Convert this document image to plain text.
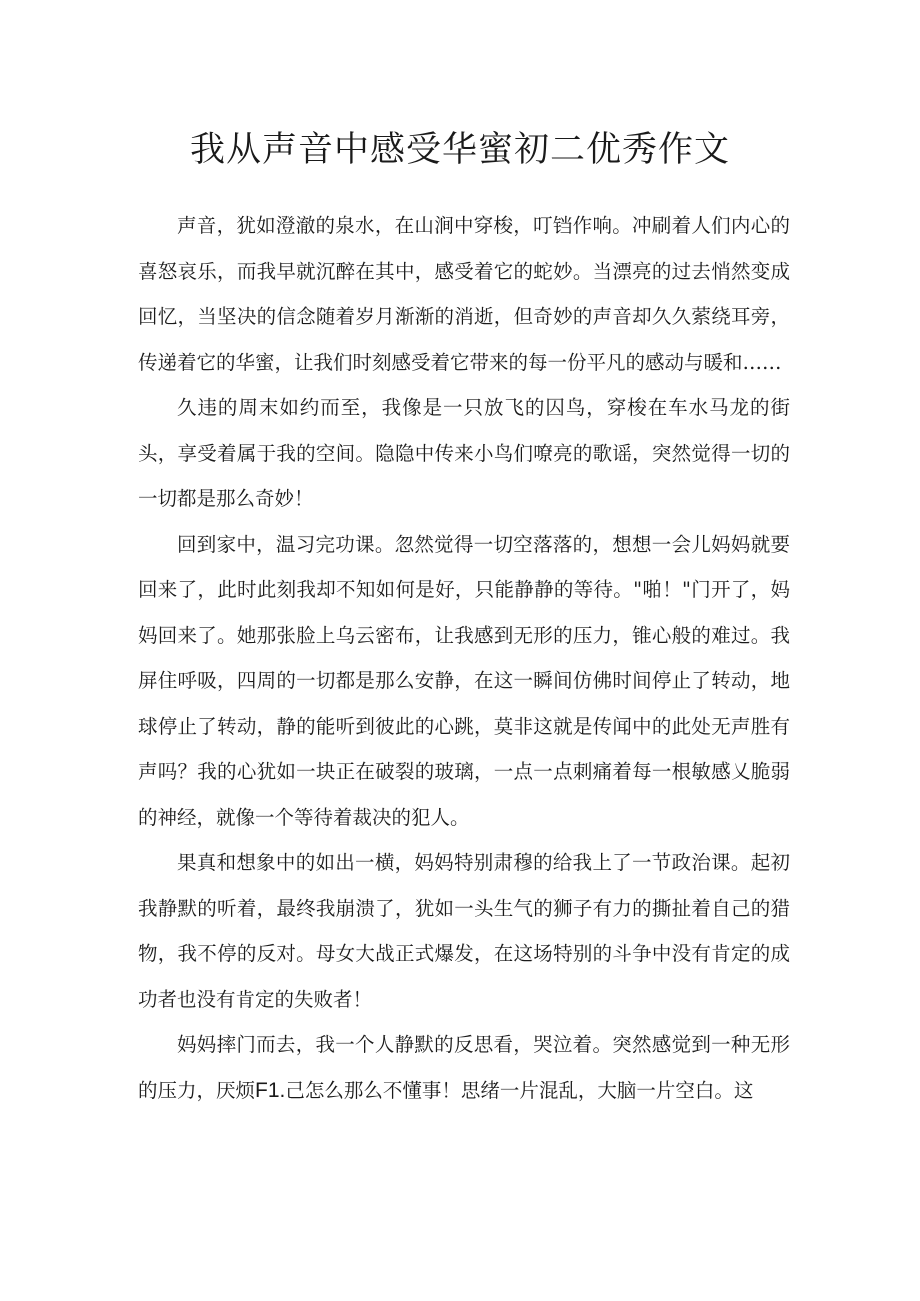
我从声音中感受华蜜初二优秀作文

声音，犹如澄澈的泉水，在山涧中穿梭，叮铛作响。冲刷着人们内心的喜怒哀乐，而我早就沉醉在其中，感受着它的蛇妙。当漂亮的过去悄然变成回忆，当坚决的信念随着岁月渐渐的消逝，但奇妙的声音却久久萦绕耳旁，传递着它的华蜜，让我们时刻感受着它带来的每一份平凡的感动与暖和……

久违的周末如约而至，我像是一只放飞的囚鸟，穿梭在车水马龙的街头，享受着属于我的空间。隐隐中传来小鸟们嘹亮的歌谣，突然觉得一切的一切都是那么奇妙！

回到家中，温习完功课。忽然觉得一切空落落的，想想一会儿妈妈就要回来了，此时此刻我却不知如何是好，只能静静的等待。"啪！"门开了，妈妈回来了。她那张脸上乌云密布，让我感到无形的压力，锥心般的难过。我屏住呼吸，四周的一切都是那么安静，在这一瞬间仿佛时间停止了转动，地球停止了转动，静的能听到彼此的心跳，莫非这就是传闻中的此处无声胜有声吗？我的心犹如一块正在破裂的玻璃，一点一点刺痛着每一根敏感乂脆弱的神经，就像一个等待着裁决的犯人。

果真和想象中的如出一横，妈妈特别肃穆的给我上了一节政治课。起初我静默的听着，最终我崩溃了，犹如一头生气的狮子有力的撕扯着自己的猎物，我不停的反对。母女大战正式爆发，在这场特别的斗争中没有肯定的成功者也没有肯定的失败者！

妈妈摔门而去，我一个人静默的反思看，哭泣着。突然感觉到一种无形的压力，厌烦F1.己怎么那么不懂事！思绪一片混乱，大脑一片空白。这
